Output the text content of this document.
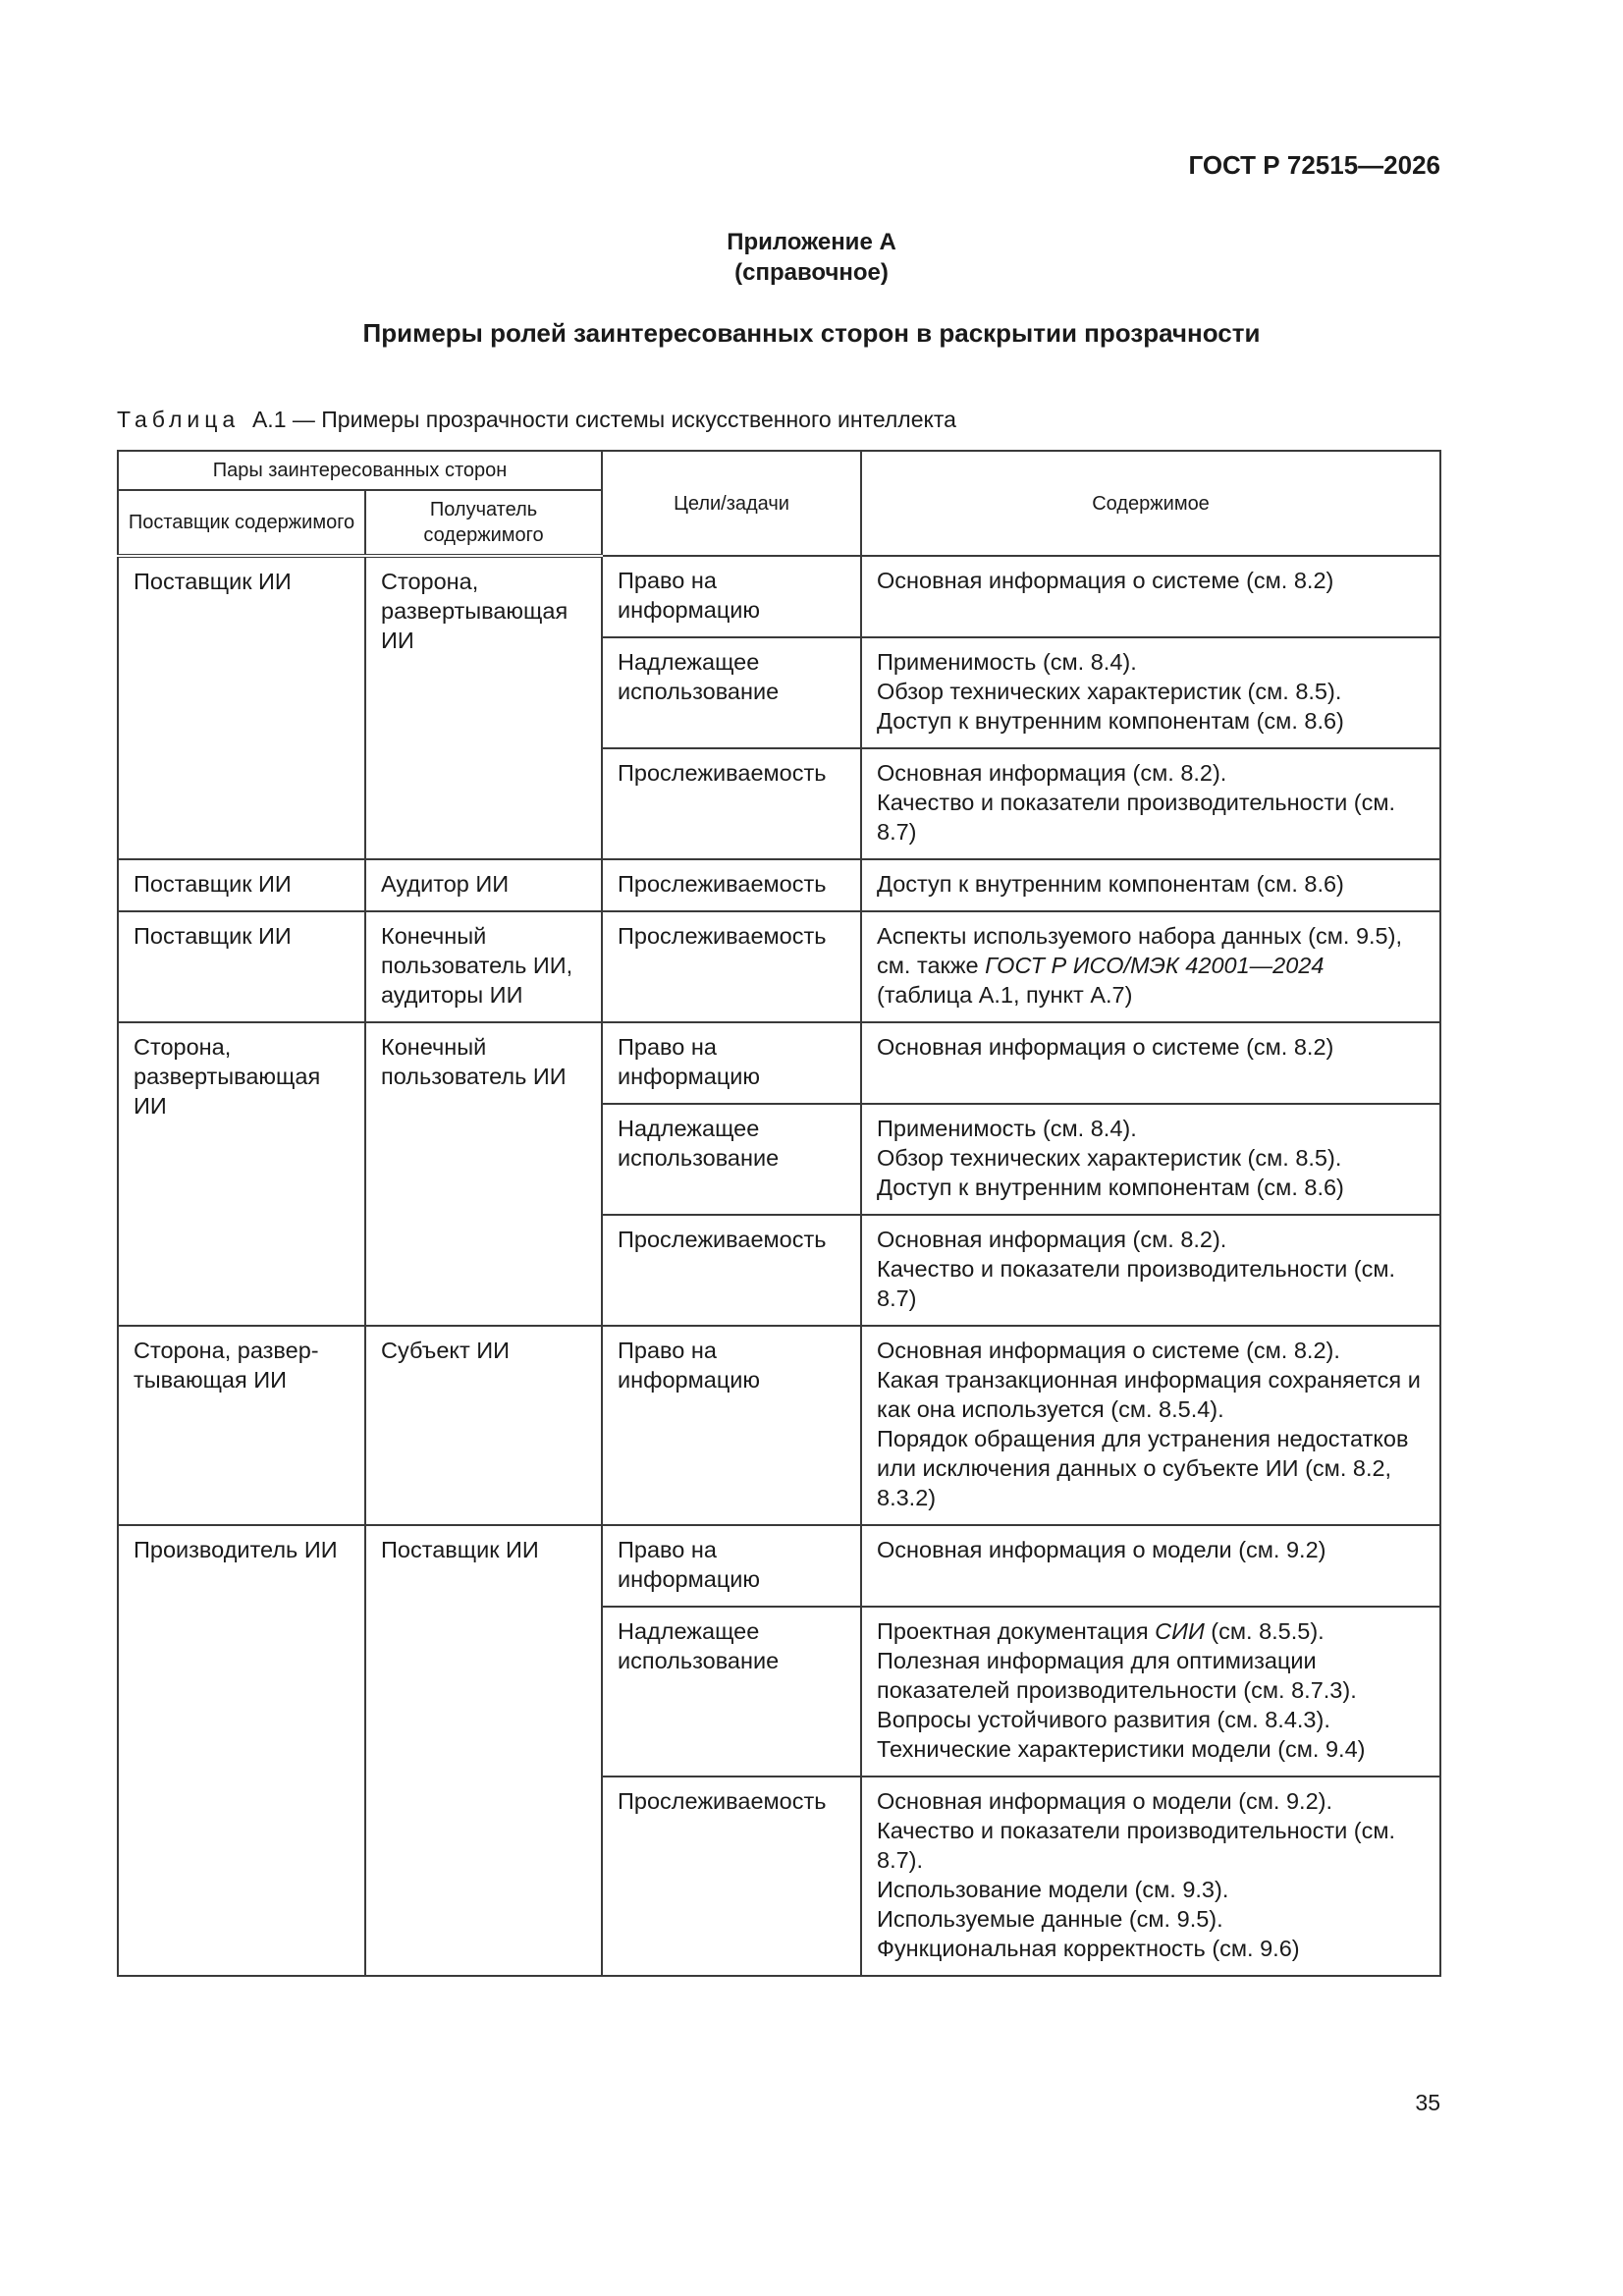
ГОСТ Р 72515—2026
Приложение А
(справочное)
Примеры ролей заинтересованных сторон в раскрытии прозрачности
Таблица А.1 — Примеры прозрачности системы искусственного интеллекта
Пары заинтересованных сторон		Цели/задачи	Содержимое
Поставщик содержимого	Получатель содержимого		
Поставщик ИИ	Сторона, развертывающая ИИ	Право на информацию	Основная информация о системе (см. 8.2)
		Надлежащее использование	Применимость (см. 8.4).
Обзор технических характеристик (см. 8.5).
Доступ к внутренним компонентам (см. 8.6)
		Прослеживаемость	Основная информация (см. 8.2).
Качество и показатели производительности (см. 8.7)
Поставщик ИИ	Аудитор ИИ	Прослеживаемость	Доступ к внутренним компонентам (см. 8.6)
Поставщик ИИ	Конечный пользователь ИИ, аудиторы ИИ	Прослеживаемость	Аспекты используемого набора данных (см. 9.5), см. также ГОСТ Р ИСО/МЭК 42001—2024 (таблица А.1, пункт А.7)
Сторона, развертывающая ИИ	Конечный пользователь ИИ	Право на информацию	Основная информация о системе (см. 8.2)
		Надлежащее использование	Применимость (см. 8.4).
Обзор технических характеристик (см. 8.5).
Доступ к внутренним компонентам (см. 8.6)
		Прослеживаемость	Основная информация (см. 8.2).
Качество и показатели производительности (см. 8.7)
Сторона, развер-тывающая ИИ	Субъект ИИ	Право на информацию	Основная информация о системе (см. 8.2).
Какая транзакционная информация сохраняется и как она используется (см. 8.5.4).
Порядок обращения для устранения недостатков или исключения данных о субъекте ИИ (см. 8.2, 8.3.2)
Производитель ИИ	Поставщик ИИ	Право на информацию	Основная информация о модели (см. 9.2)
		Надлежащее использование	Проектная документация СИИ (см. 8.5.5).
Полезная информация для оптимизации показателей производительности (см. 8.7.3).
Вопросы устойчивого развития (см. 8.4.3).
Технические характеристики модели (см. 9.4)
		Прослеживаемость	Основная информация о модели (см. 9.2).
Качество и показатели производительности (см. 8.7).
Использование модели (см. 9.3).
Используемые данные (см. 9.5).
Функциональная корректность (см. 9.6)
35
